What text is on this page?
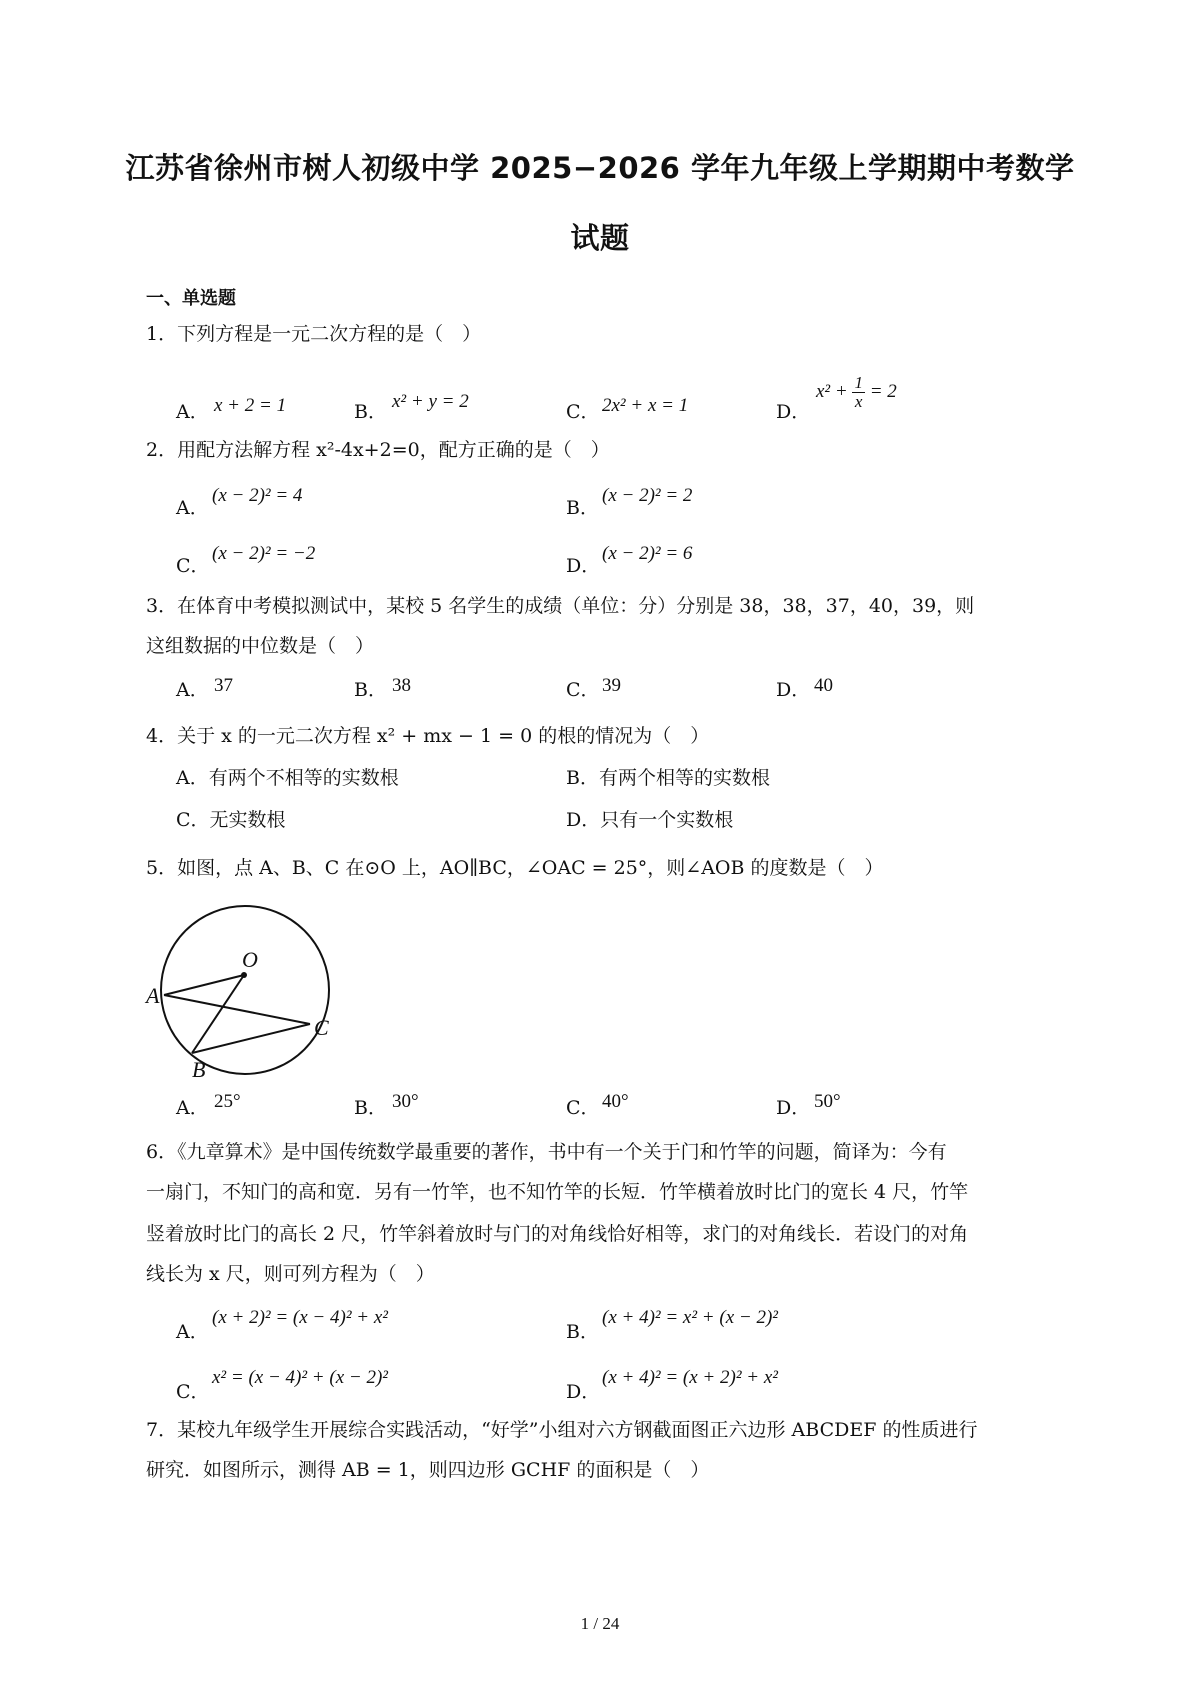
江苏省徐州市树人初级中学 2025−2026 学年九年级上学期期中考数学
试题
一、单选题
1．下列方程是一元二次方程的是（　）
A． x + 2 = 1	B． x² + y = 2	C． 2x² + x = 1	D．
$x^2 + \frac{1}{x} = 2$
2．用配方法解方程 x²-4x+2=0，配方正确的是（　）
A．
(x − 2)² = 4
B．
(x − 2)² = 2
C．
(x − 2)² = −2
D．
(x − 2)² = 6
3．在体育中考模拟测试中，某校 5 名学生的成绩（单位：分）分别是 38，38，37，40，39，则
这组数据的中位数是（　）
A． 37	B． 38	C． 39	D． 40
4．关于 x 的一元二次方程 x² + mx − 1 = 0 的根的情况为（　）
A．有两个不相等的实数根	B．有两个相等的实数根
C．无实数根	D．只有一个实数根
5．如图，点 A、B、C 在⊙O 上，AO∥BC，∠OAC = 25°，则∠AOB 的度数是（　）
O
A
B
C
A． 25°	B． 30°	C． 40°	D． 50°
6．《九章算术》是中国传统数学最重要的著作，书中有一个关于门和竹竿的问题，简译为：今有
一扇门，不知门的高和宽．另有一竹竿，也不知竹竿的长短．竹竿横着放时比门的宽长 4 尺，竹竿
竖着放时比门的高长 2 尺，竹竿斜着放时与门的对角线恰好相等，求门的对角线长．若设门的对角
线长为 x 尺，则可列方程为（　）
A．
(x + 2)² = (x − 4)² + x²
B．
(x + 4)² = x² + (x − 2)²
C．
x² = (x − 4)² + (x − 2)²
D．
(x + 4)² = (x + 2)² + x²
7．某校九年级学生开展综合实践活动，“好学”小组对六方钢截面图正六边形 ABCDEF 的性质进行
研究．如图所示，测得 AB = 1，则四边形 GCHF 的面积是（　）
1 / 24
